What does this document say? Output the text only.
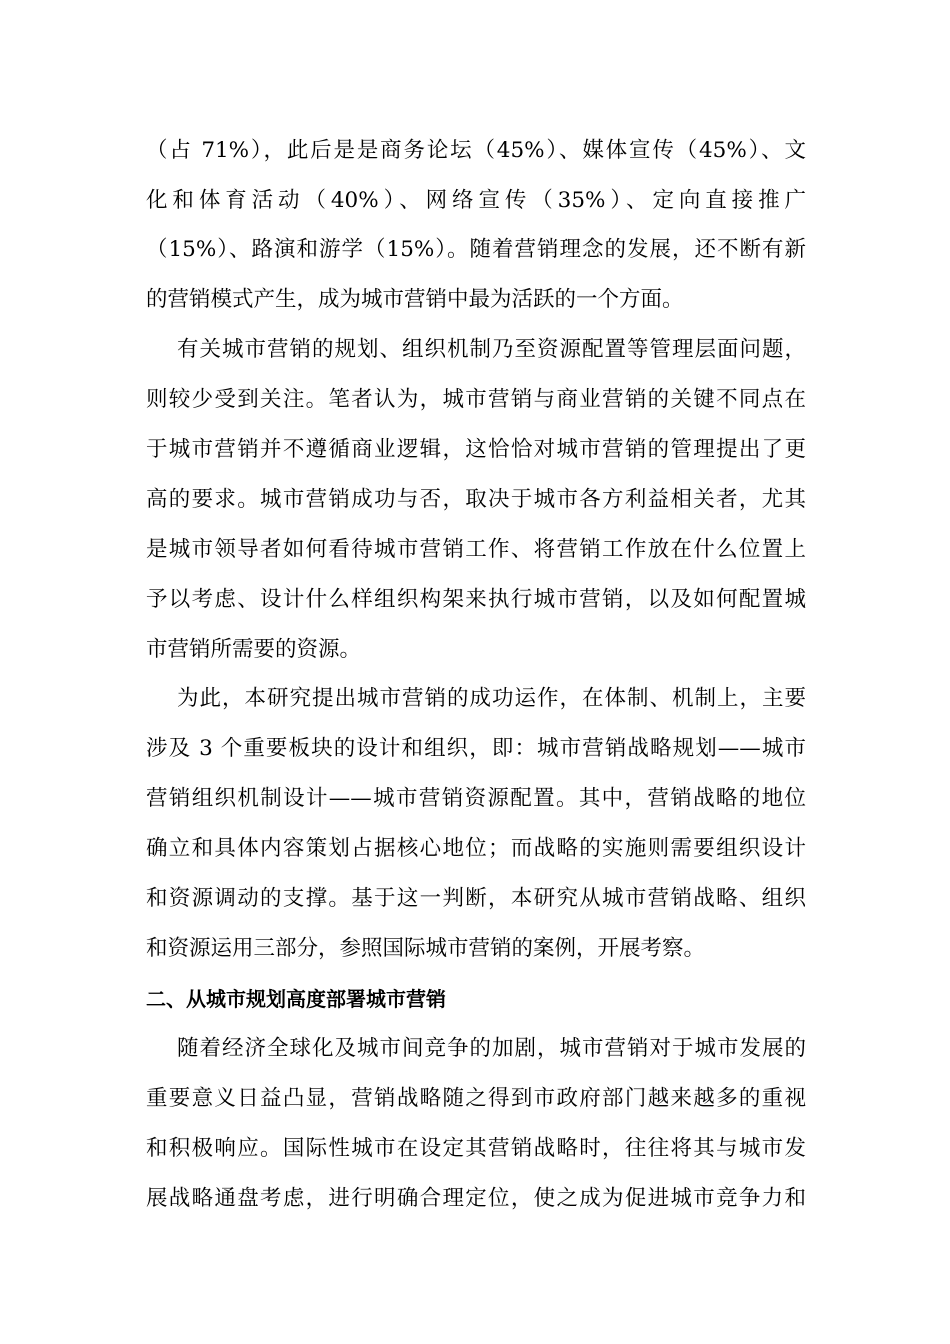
（占 71%），此后是是商务论坛（45%）、媒体宣传（45%）、文
化和体育活动（40%）、网络宣传（35%）、定向直接推广
（15%）、路演和游学（15%）。随着营销理念的发展，还不断有新
的营销模式产生，成为城市营销中最为活跃的一个方面。
有关城市营销的规划、组织机制乃至资源配置等管理层面问题，
则较少受到关注。笔者认为，城市营销与商业营销的关键不同点在
于城市营销并不遵循商业逻辑，这恰恰对城市营销的管理提出了更
高的要求。城市营销成功与否，取决于城市各方利益相关者，尤其
是城市领导者如何看待城市营销工作、将营销工作放在什么位置上
予以考虑、设计什么样组织构架来执行城市营销，以及如何配置城
市营销所需要的资源。
为此，本研究提出城市营销的成功运作，在体制、机制上，主要
涉及 3 个重要板块的设计和组织，即：城市营销战略规划——城市
营销组织机制设计——城市营销资源配置。其中，营销战略的地位
确立和具体内容策划占据核心地位；而战略的实施则需要组织设计
和资源调动的支撑。基于这一判断，本研究从城市营销战略、组织
和资源运用三部分，参照国际城市营销的案例，开展考察。
二、从城市规划高度部署城市营销
随着经济全球化及城市间竞争的加剧，城市营销对于城市发展的
重要意义日益凸显，营销战略随之得到市政府部门越来越多的重视
和积极响应。国际性城市在设定其营销战略时，往往将其与城市发
展战略通盘考虑，进行明确合理定位，使之成为促进城市竞争力和
